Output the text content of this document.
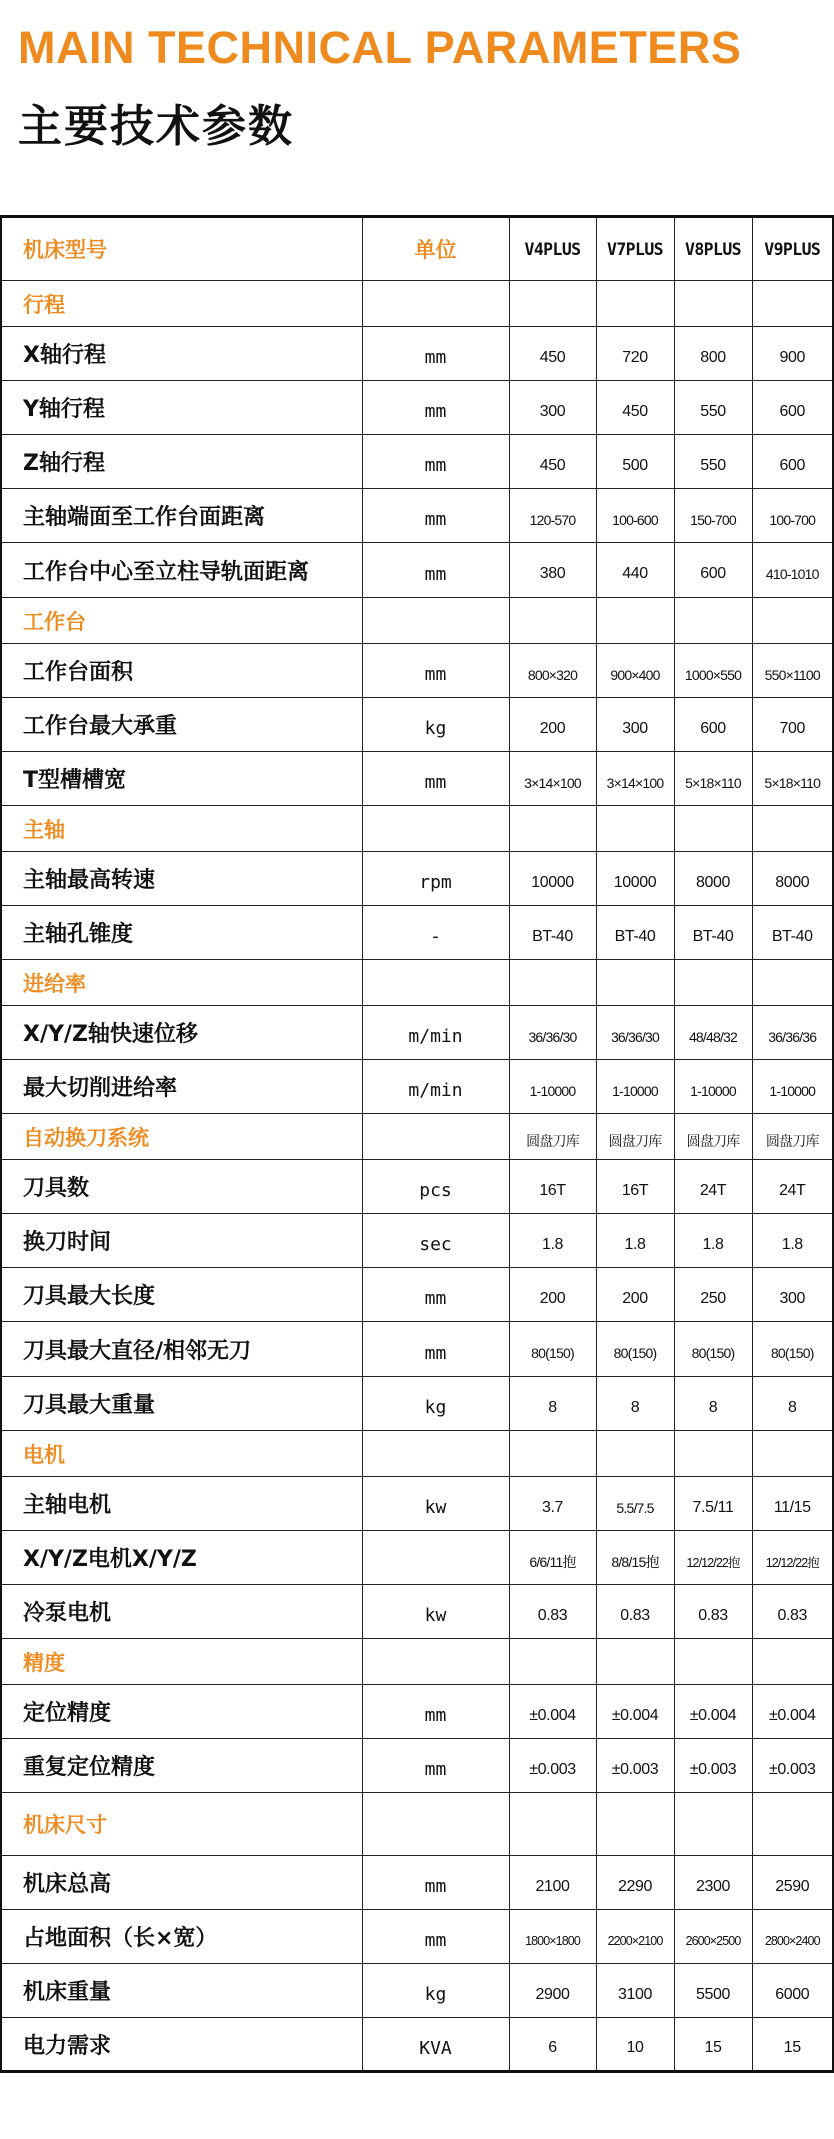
MAIN TECHNICAL PARAMETERS
主要技术参数
机床型号	单位	V4PLUS	V7PLUS	V8PLUS	V9PLUS
行程					
X轴行程	mm	450	720	800	900
Y轴行程	mm	300	450	550	600
Z轴行程	mm	450	500	550	600
主轴端面至工作台面距离	mm	120-570	100-600	150-700	100-700
工作台中心至立柱导轨面距离	mm	380	440	600	410-1010
工作台					
工作台面积	mm	800×320	900×400	1000×550	550×1100
工作台最大承重	kg	200	300	600	700
T型槽槽宽	mm	3×14×100	3×14×100	5×18×110	5×18×110
主轴					
主轴最高转速	rpm	10000	10000	8000	8000
主轴孔锥度	-	BT-40	BT-40	BT-40	BT-40
进给率					
X/Y/Z轴快速位移	m/min	36/36/30	36/36/30	48/48/32	36/36/36
最大切削进给率	m/min	1-10000	1-10000	1-10000	1-10000
自动换刀系统		圆盘刀库	圆盘刀库	圆盘刀库	圆盘刀库
刀具数	pcs	16T	16T	24T	24T
换刀时间	sec	1.8	1.8	1.8	1.8
刀具最大长度	mm	200	200	250	300
刀具最大直径/相邻无刀	mm	80(150)	80(150)	80(150)	80(150)
刀具最大重量	kg	8	8	8	8
电机					
主轴电机	kw	3.7	5.5/7.5	7.5/11	11/15
X/Y/Z电机X/Y/Z		6/6/11抱	8/8/15抱	12/12/22抱	12/12/22抱
冷泵电机	kw	0.83	0.83	0.83	0.83
精度					
定位精度	mm	±0.004	±0.004	±0.004	±0.004
重复定位精度	mm	±0.003	±0.003	±0.003	±0.003
机床尺寸					
机床总高	mm	2100	2290	2300	2590
占地面积（长×宽）	mm	1800×1800	2200×2100	2600×2500	2800×2400
机床重量	kg	2900	3100	5500	6000
电力需求	KVA	6	10	15	15
